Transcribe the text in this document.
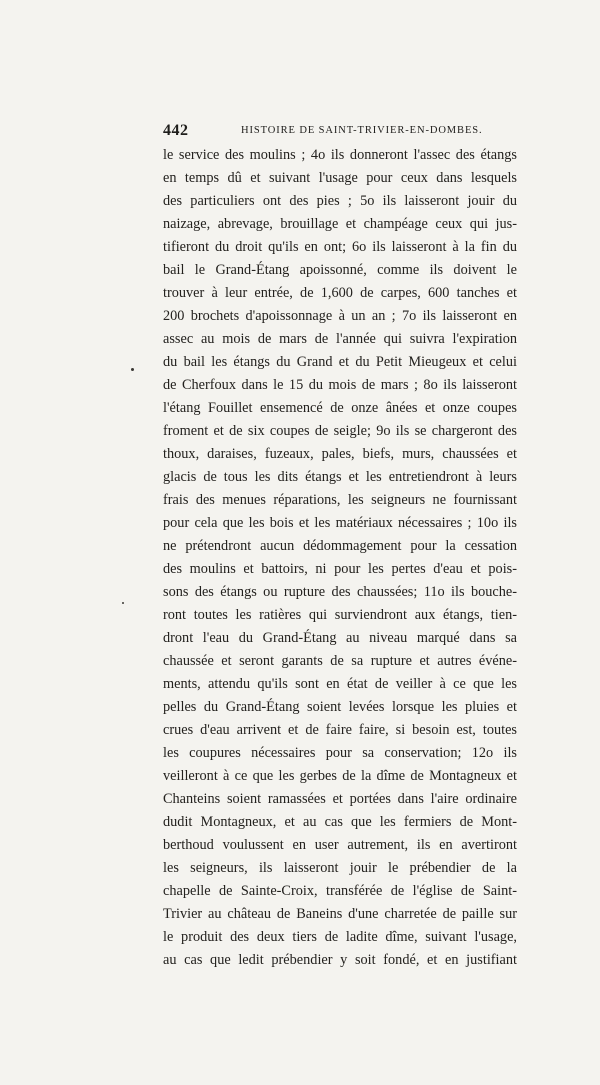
442	HISTOIRE DE SAINT-TRIVIER-EN-DOMBES.
le service des moulins ; 4o ils donneront l'assec des étangs
en temps dû et suivant l'usage pour ceux dans lesquels
des particuliers ont des pies ; 5o ils laisseront jouir du
naizage, abrevage, brouillage et champéage ceux qui jus-
tifieront du droit qu'ils en ont; 6o ils laisseront à la fin du
bail le Grand-Étang apoissonné, comme ils doivent le
trouver à leur entrée, de 1,600 de carpes, 600 tanches et
200 brochets d'apoissonnage à un an ; 7o ils laisseront en
assec au mois de mars de l'année qui suivra l'expiration
du bail les étangs du Grand et du Petit Mieugeux et celui
de Cherfoux dans le 15 du mois de mars ; 8o ils laisseront
l'étang Fouillet ensemencé de onze ânées et onze coupes
froment et de six coupes de seigle; 9o ils se chargeront des
thoux, daraises, fuzeaux, pales, biefs, murs, chaussées et
glacis de tous les dits étangs et les entretiendront à leurs
frais des menues réparations, les seigneurs ne fournissant
pour cela que les bois et les matériaux nécessaires ; 10o ils
ne prétendront aucun dédommagement pour la cessation
des moulins et battoirs, ni pour les pertes d'eau et pois-
sons des étangs ou rupture des chaussées; 11o ils bouche-
ront toutes les ratières qui surviendront aux étangs, tien-
dront l'eau du Grand-Étang au niveau marqué dans sa
chaussée et seront garants de sa rupture et autres événe-
ments, attendu qu'ils sont en état de veiller à ce que les
pelles du Grand-Étang soient levées lorsque les pluies et
crues d'eau arrivent et de faire faire, si besoin est, toutes
les coupures nécessaires pour sa conservation; 12o ils
veilleront à ce que les gerbes de la dîme de Montagneux et
Chanteins soient ramassées et portées dans l'aire ordinaire
dudit Montagneux, et au cas que les fermiers de Mont-
berthoud voulussent en user autrement, ils en avertiront
les seigneurs, ils laisseront jouir le prébendier de la
chapelle de Sainte-Croix, transférée de l'église de Saint-
Trivier au château de Baneins d'une charretée de paille sur
le produit des deux tiers de ladite dîme, suivant l'usage,
au cas que ledit prébendier y soit fondé, et en justifiant
